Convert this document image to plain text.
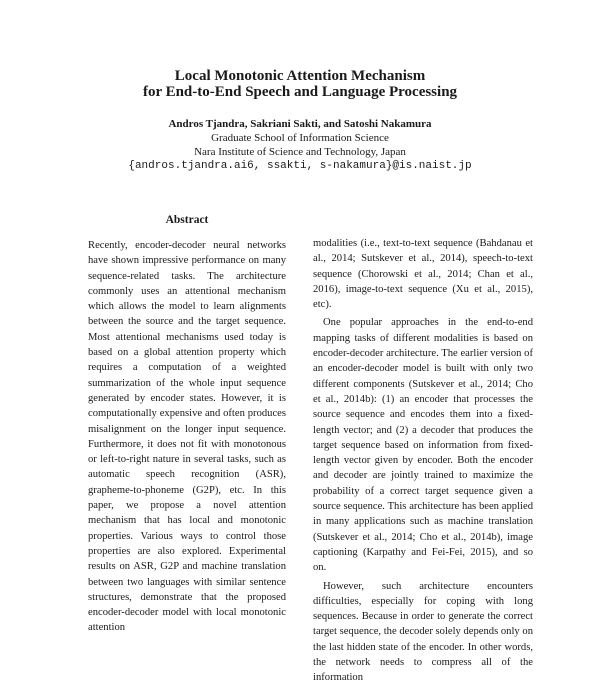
Local Monotonic Attention Mechanism
for End-to-End Speech and Language Processing
Andros Tjandra, Sakriani Sakti, and Satoshi Nakamura
Graduate School of Information Science
Nara Institute of Science and Technology, Japan
{andros.tjandra.ai6, ssakti, s-nakamura}@is.naist.jp
Abstract

Recently, encoder-decoder neural networks have shown impressive performance on many sequence-related tasks. The architecture commonly uses an attentional mechanism which allows the model to learn alignments between the source and the target sequence. Most attentional mechanisms used today is based on a global attention property which requires a computation of a weighted summarization of the whole input sequence generated by encoder states. However, it is computationally expensive and often produces misalignment on the longer input sequence. Furthermore, it does not fit with monotonous or left-to-right nature in several tasks, such as automatic speech recognition (ASR), grapheme-to-phoneme (G2P), etc. In this paper, we propose a novel attention mechanism that has local and monotonic properties. Various ways to control those properties are also explored. Experimental results on ASR, G2P and machine translation between two languages with similar sentence structures, demonstrate that the proposed encoder-decoder model with local monotonic attention

modalities (i.e., text-to-text sequence (Bahdanau et al., 2014; Sutskever et al., 2014), speech-to-text sequence (Chorowski et al., 2014; Chan et al., 2016), image-to-text sequence (Xu et al., 2015), etc).

One popular approaches in the end-to-end mapping tasks of different modalities is based on encoder-decoder architecture. The earlier version of an encoder-decoder model is built with only two different components (Sutskever et al., 2014; Cho et al., 2014b): (1) an encoder that processes the source sequence and encodes them into a fixed-length vector; and (2) a decoder that produces the target sequence based on information from fixed-length vector given by encoder. Both the encoder and decoder are jointly trained to maximize the probability of a correct target sequence given a source sequence. This architecture has been applied in many applications such as machine translation (Sutskever et al., 2014; Cho et al., 2014b), image captioning (Karpathy and Fei-Fei, 2015), and so on.

However, such architecture encounters difficulties, especially for coping with long sequences. Because in order to generate the correct target sequence, the decoder solely depends only on the last hidden state of the encoder. In other words, the network needs to compress all of the information
